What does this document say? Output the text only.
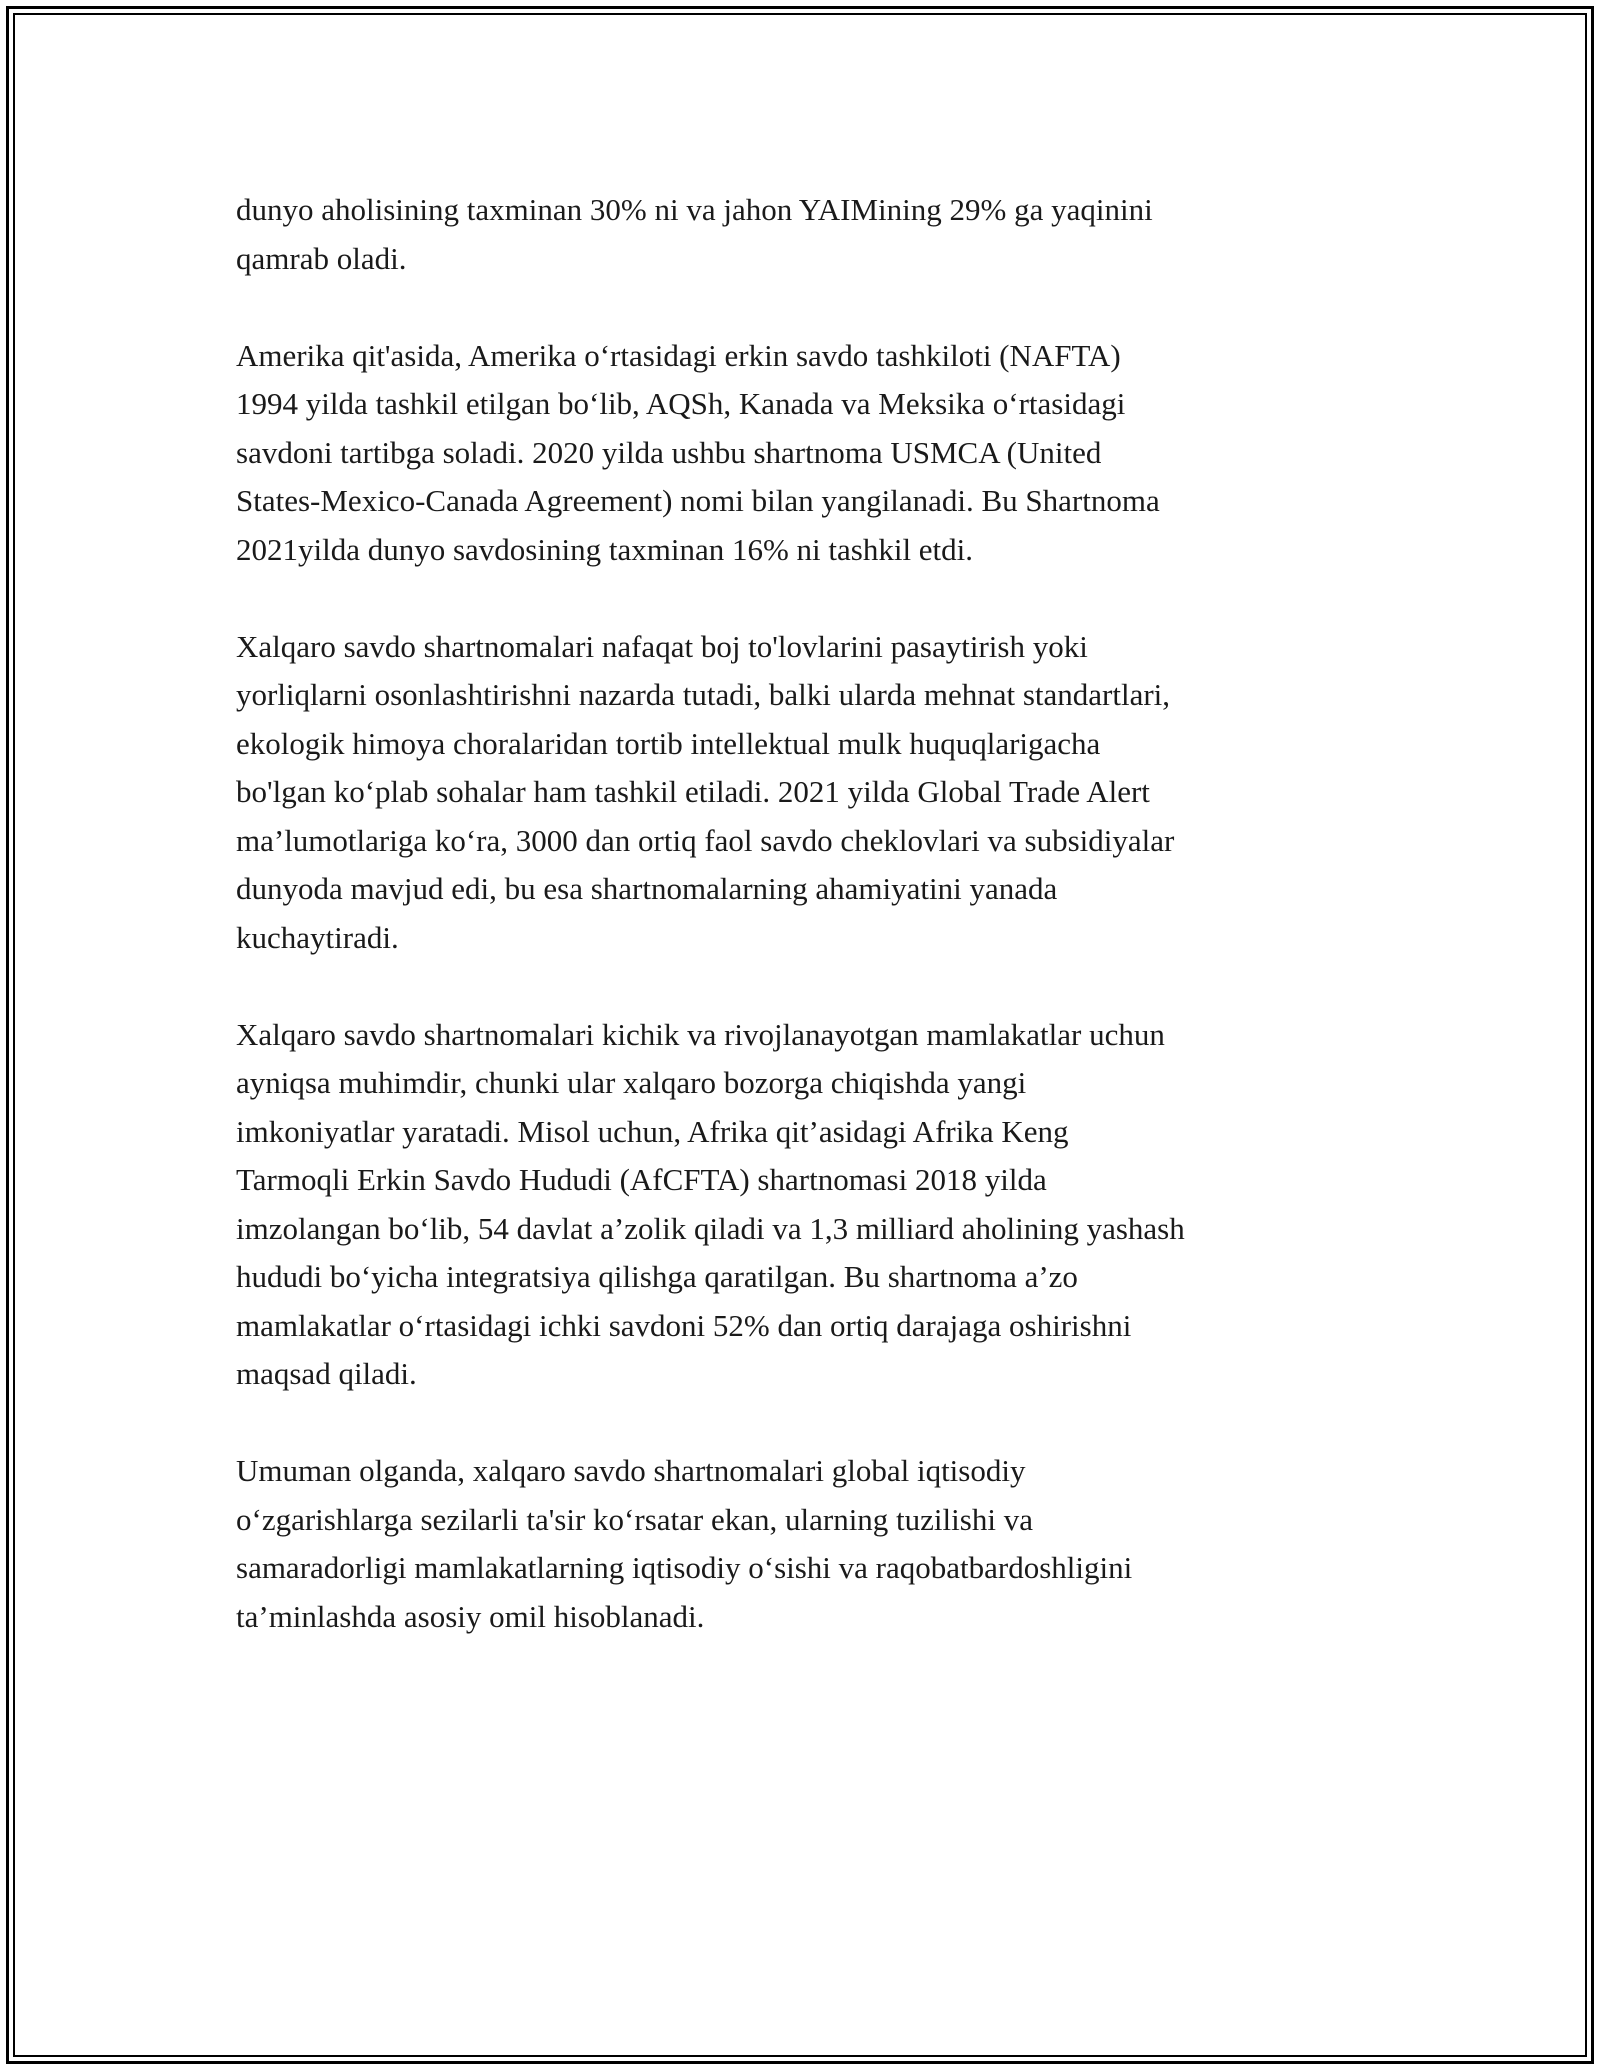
dunyo aholisining taxminan 30% ni va jahon YAIMining 29% ga yaqinini
qamrab oladi.

Amerika qit'asida, Amerika o‘rtasidagi erkin savdo tashkiloti (NAFTA)
1994 yilda tashkil etilgan bo‘lib, AQSh, Kanada va Meksika o‘rtasidagi
savdoni tartibga soladi. 2020 yilda ushbu shartnoma USMCA (United
States-Mexico-Canada Agreement) nomi bilan yangilanadi. Bu Shartnoma
2021yilda dunyo savdosining taxminan 16% ni tashkil etdi.

Xalqaro savdo shartnomalari nafaqat boj to'lovlarini pasaytirish yoki
yorliqlarni osonlashtirishni nazarda tutadi, balki ularda mehnat standartlari,
ekologik himoya choralaridan tortib intellektual mulk huquqlarigacha
bo'lgan ko‘plab sohalar ham tashkil etiladi. 2021 yilda Global Trade Alert
ma’lumotlariga ko‘ra, 3000 dan ortiq faol savdo cheklovlari va subsidiyalar
dunyoda mavjud edi, bu esa shartnomalarning ahamiyatini yanada
kuchaytiradi.

Xalqaro savdo shartnomalari kichik va rivojlanayotgan mamlakatlar uchun
ayniqsa muhimdir, chunki ular xalqaro bozorga chiqishda yangi
imkoniyatlar yaratadi. Misol uchun, Afrika qit’asidagi Afrika Keng
Tarmoqli Erkin Savdo Hududi (AfCFTA) shartnomasi 2018 yilda
imzolangan bo‘lib, 54 davlat a’zolik qiladi va 1,3 milliard aholining yashash
hududi bo‘yicha integratsiya qilishga qaratilgan. Bu shartnoma a’zo
mamlakatlar o‘rtasidagi ichki savdoni 52% dan ortiq darajaga oshirishni
maqsad qiladi.

Umuman olganda, xalqaro savdo shartnomalari global iqtisodiy
o‘zgarishlarga sezilarli ta'sir ko‘rsatar ekan, ularning tuzilishi va
samaradorligi mamlakatlarning iqtisodiy o‘sishi va raqobatbardoshligini
ta’minlashda asosiy omil hisoblanadi.
